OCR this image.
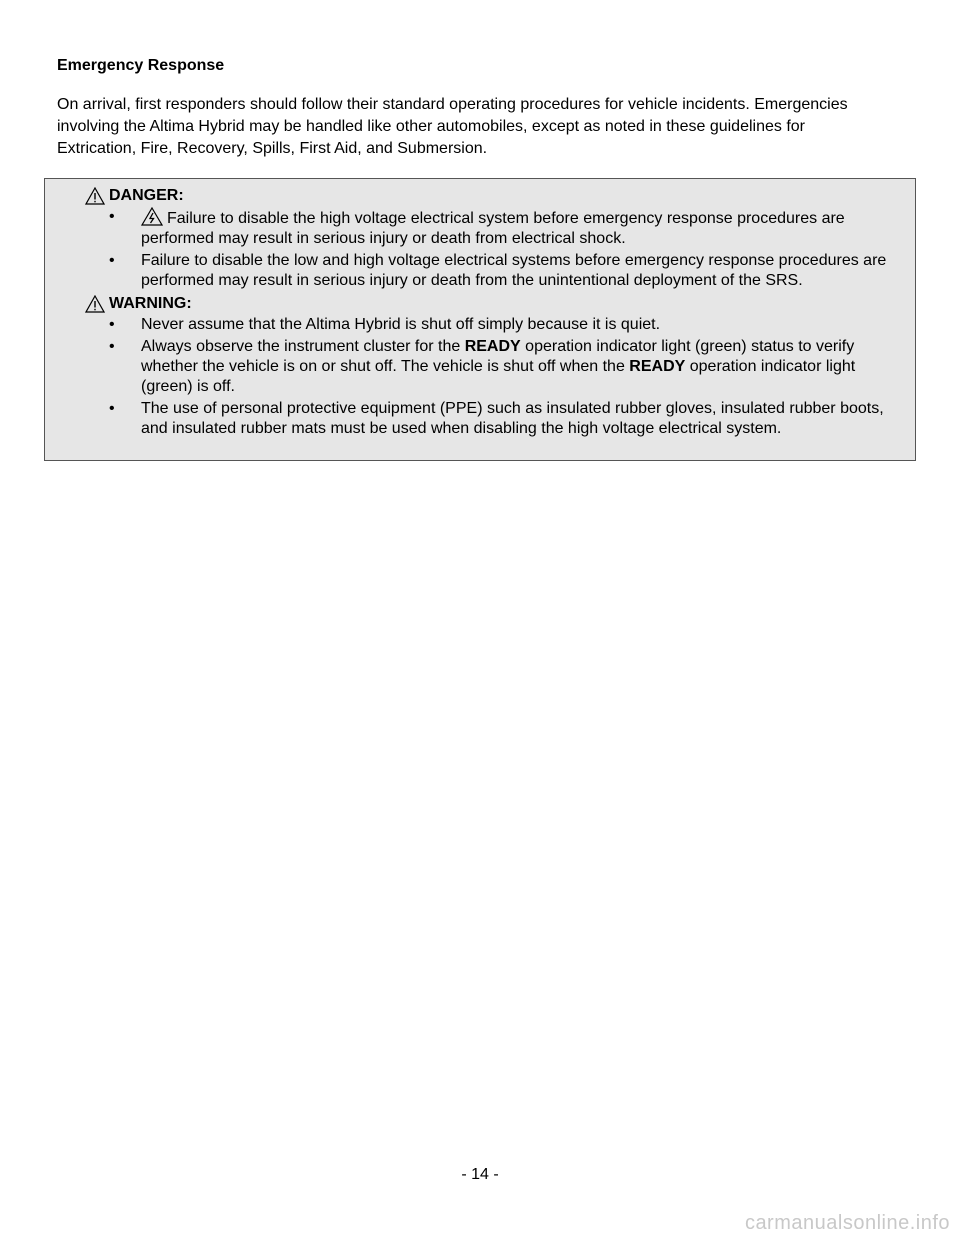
Emergency Response

On arrival, first responders should follow their standard operating procedures for vehicle incidents. Emergencies involving the Altima Hybrid may be handled like other automobiles, except as noted in these guidelines for Extrication, Fire, Recovery, Spills, First Aid, and Submersion.

DANGER:
•	Failure to disable the high voltage electrical system before emergency response procedures are performed may result in serious injury or death from electrical shock.
• Failure to disable the low and high voltage electrical systems before emergency response procedures are performed may result in serious injury or death from the unintentional deployment of the SRS.
WARNING:
• Never assume that the Altima Hybrid is shut off simply because it is quiet.
• Always observe the instrument cluster for the READY operation indicator light (green) status to verify whether the vehicle is on or shut off. The vehicle is shut off when the READY operation indicator light (green) is off.
• The use of personal protective equipment (PPE) such as insulated rubber gloves, insulated rubber boots, and insulated rubber mats must be used when disabling the high voltage electrical system.
- 14 -
carmanualsonline.info
